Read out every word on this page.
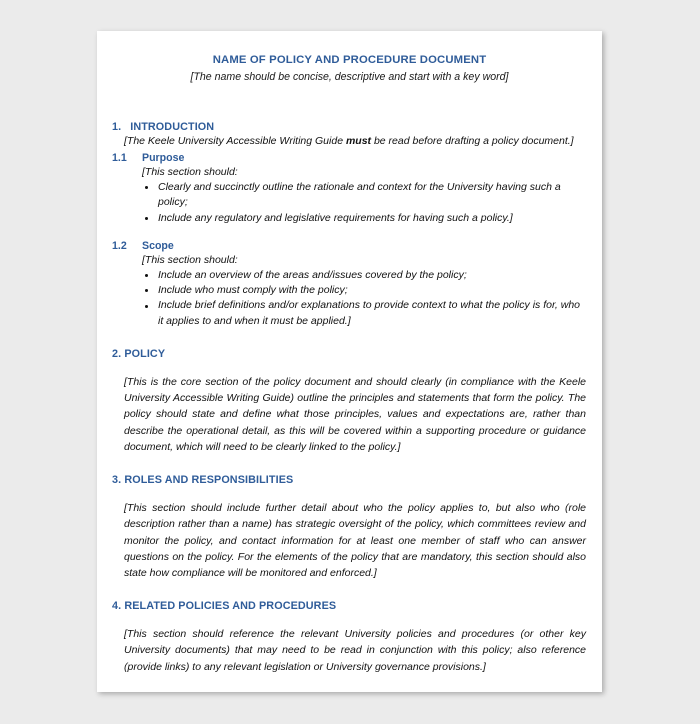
NAME OF POLICY AND PROCEDURE DOCUMENT
[The name should be concise, descriptive and start with a key word]
1. INTRODUCTION
[The Keele University Accessible Writing Guide must be read before drafting a policy document.]
1.1	Purpose
[This section should:
Clearly and succinctly outline the rationale and context for the University having such a policy;
Include any regulatory and legislative requirements for having such a policy.]
1.2	Scope
[This section should:
Include an overview of the areas and/issues covered by the policy;
Include who must comply with the policy;
Include brief definitions and/or explanations to provide context to what the policy is for, who it applies to and when it must be applied.]
2. POLICY
[This is the core section of the policy document and should clearly (in compliance with the Keele University Accessible Writing Guide) outline the principles and statements that form the policy. The policy should state and define what those principles, values and expectations are, rather than describe the operational detail, as this will be covered within a supporting procedure or guidance document, which will need to be clearly linked to the policy.]
3. ROLES AND RESPONSIBILITIES
[This section should include further detail about who the policy applies to, but also who (role description rather than a name) has strategic oversight of the policy, which committees review and monitor the policy, and contact information for at least one member of staff who can answer questions on the policy. For the elements of the policy that are mandatory, this section should also state how compliance will be monitored and enforced.]
4. RELATED POLICIES AND PROCEDURES
[This section should reference the relevant University policies and procedures (or other key University documents) that may need to be read in conjunction with this policy; also reference (provide links) to any relevant legislation or University governance provisions.]
